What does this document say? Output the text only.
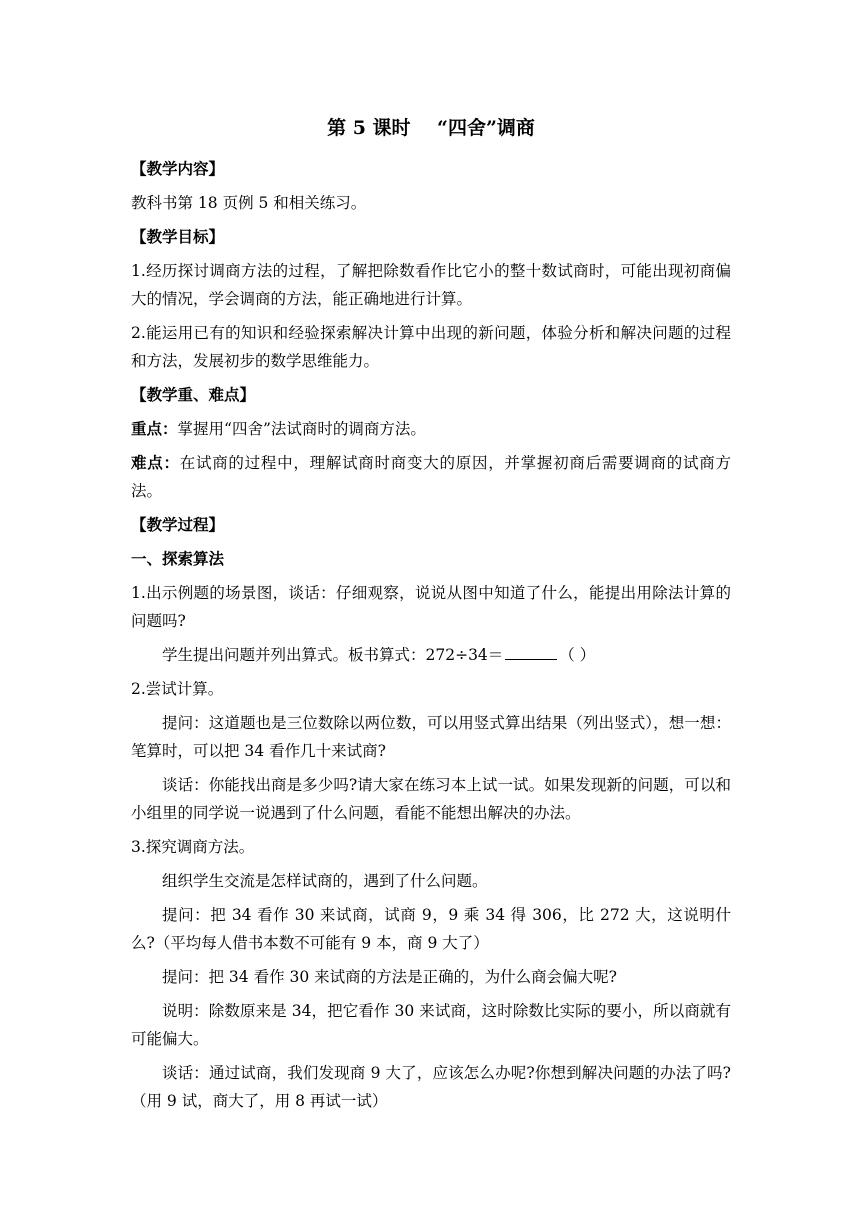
第 5 课时    “四舍”调商
【教学内容】
教科书第 18 页例 5 和相关练习。
【教学目标】
1.经历探讨调商方法的过程，了解把除数看作比它小的整十数试商时，可能出现初商偏大的情况，学会调商的方法，能正确地进行计算。
2.能运用已有的知识和经验探索解决计算中出现的新问题，体验分析和解决问题的过程和方法，发展初步的数学思维能力。
【教学重、难点】
重点：掌握用“四舍”法试商时的调商方法。
难点：在试商的过程中，理解试商时商变大的原因，并掌握初商后需要调商的试商方法。
【教学过程】
一、探索算法
1.出示例题的场景图，谈话：仔细观察，说说从图中知道了什么，能提出用除法计算的问题吗?
学生提出问题并列出算式。板书算式：272÷34＝	（ ）
2.尝试计算。
提问：这道题也是三位数除以两位数，可以用竖式算出结果（列出竖式），想一想：笔算时，可以把 34 看作几十来试商?
谈话：你能找出商是多少吗?请大家在练习本上试一试。如果发现新的问题，可以和小组里的同学说一说遇到了什么问题，看能不能想出解决的办法。
3.探究调商方法。
组织学生交流是怎样试商的，遇到了什么问题。
提问：把 34 看作 30 来试商，试商 9，9 乘 34 得 306，比 272 大，这说明什么?（平均每人借书本数不可能有 9 本，商 9 大了）
提问：把 34 看作 30 来试商的方法是正确的，为什么商会偏大呢?
说明：除数原来是 34，把它看作 30 来试商，这时除数比实际的要小，所以商就有可能偏大。
谈话：通过试商，我们发现商 9 大了，应该怎么办呢?你想到解决问题的办法了吗?（用 9 试，商大了，用 8 再试一试）
